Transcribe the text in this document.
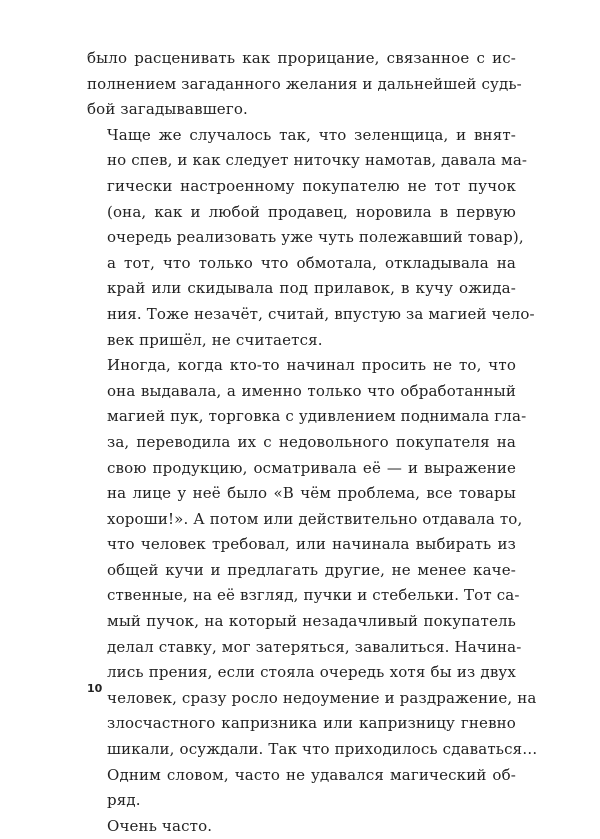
было расценивать как прорицание, связанное с ис-
полнением загаданного желания и дальнейшей судь-
бой загадывавшего.

Чаще же случалось так, что зеленщица, и внят-
но спев, и как следует ниточку намотав, давала ма-
гически настроенному покупателю не тот пучок
(она, как и любой продавец, норовила в первую
очередь реализовать уже чуть полежавший товар),
а тот, что только что обмотала, откладывала на
край или скидывала под прилавок, в кучу ожида-
ния. Тоже незачёт, считай, впустую за магией чело-
век пришёл, не считается.

Иногда, когда кто-то начинал просить не то, что
она выдавала, а именно только что обработанный
магией пук, торговка с удивлением поднимала гла-
за, переводила их с недовольного покупателя на
свою продукцию, осматривала её — и выражение
на лице у неё было «В чём проблема, все товары
хороши!». А потом или действительно отдавала то,
что человек требовал, или начинала выбирать из
общей кучи и предлагать другие, не менее каче-
ственные, на её взгляд, пучки и стебельки. Тот са-
мый пучок, на который незадачливый покупатель
делал ставку, мог затеряться, завалиться. Начина-
лись прения, если стояла очередь хотя бы из двух
человек, сразу росло недоумение и раздражение, на
злосчастного капризника или капризницу гневно
шикали, осуждали. Так что приходилось сдаваться…

Одним словом, часто не удавался магический об-
ряд.

Очень часто.

10
